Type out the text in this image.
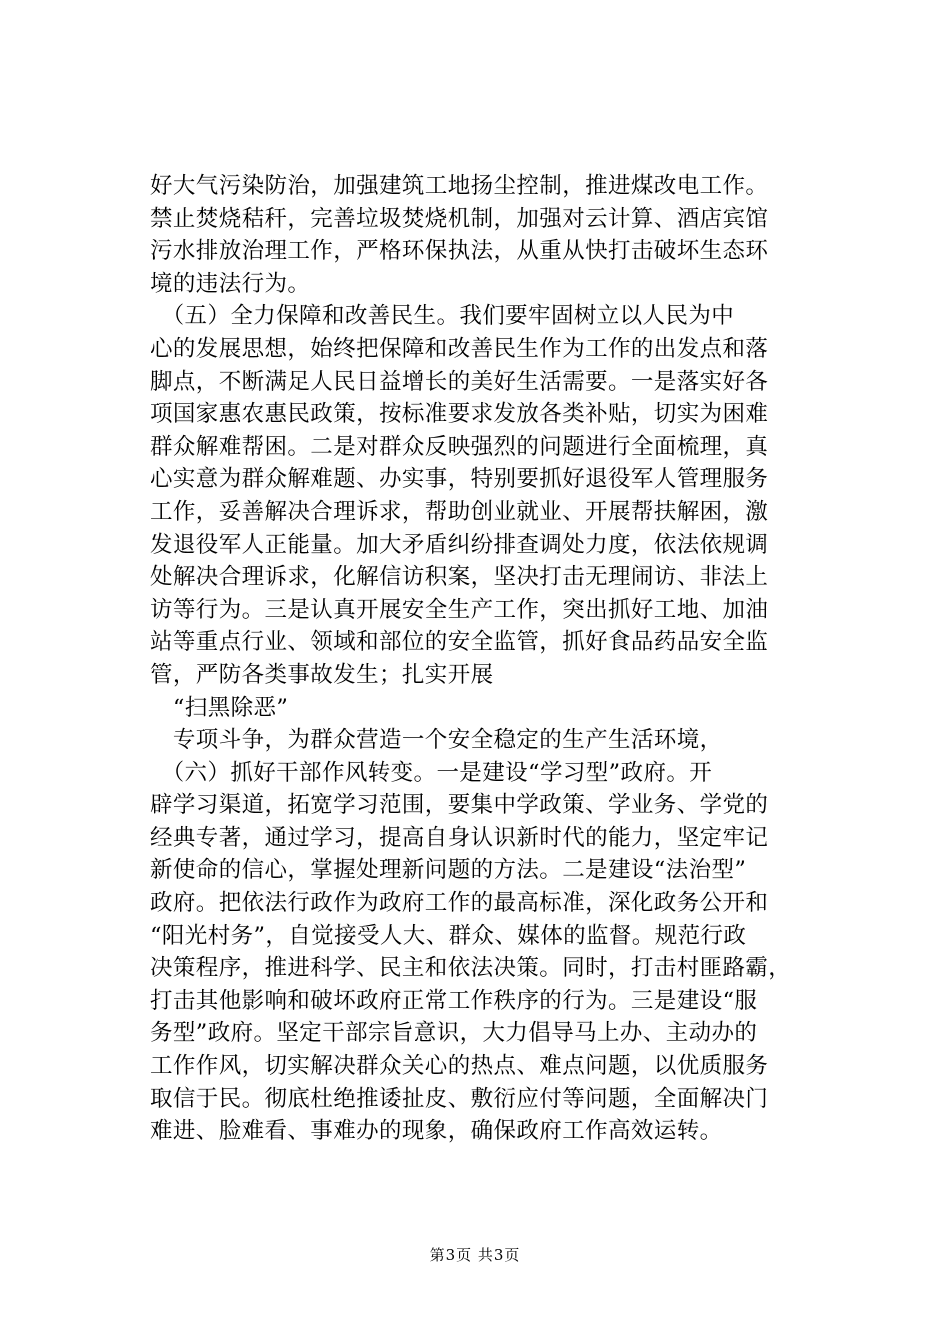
好大气污染防治，加强建筑工地扬尘控制，推进煤改电工作。
禁止焚烧秸秆，完善垃圾焚烧机制，加强对云计算、酒店宾馆
污水排放治理工作，严格环保执法，从重从快打击破坏生态环
境的违法行为。
　（五）全力保障和改善民生。我们要牢固树立以人民为中
心的发展思想，始终把保障和改善民生作为工作的出发点和落
脚点，不断满足人民日益增长的美好生活需要。一是落实好各
项国家惠农惠民政策，按标准要求发放各类补贴，切实为困难
群众解难帮困。二是对群众反映强烈的问题进行全面梳理，真
心实意为群众解难题、办实事，特别要抓好退役军人管理服务
工作，妥善解决合理诉求，帮助创业就业、开展帮扶解困，激
发退役军人正能量。加大矛盾纠纷排查调处力度，依法依规调
处解决合理诉求，化解信访积案，坚决打击无理闹访、非法上
访等行为。三是认真开展安全生产工作，突出抓好工地、加油
站等重点行业、领域和部位的安全监管，抓好食品药品安全监
管，严防各类事故发生；扎实开展
　“扫黑除恶”
　专项斗争，为群众营造一个安全稳定的生产生活环境，
　（六）抓好干部作风转变。一是建设“学习型”政府。开
辟学习渠道，拓宽学习范围，要集中学政策、学业务、学党的
经典专著，通过学习，提高自身认识新时代的能力，坚定牢记
新使命的信心，掌握处理新问题的方法。二是建设“法治型”
政府。把依法行政作为政府工作的最高标准，深化政务公开和
“阳光村务”，自觉接受人大、群众、媒体的监督。规范行政
决策程序，推进科学、民主和依法决策。同时，打击村匪路霸，
打击其他影响和破坏政府正常工作秩序的行为。三是建设“服
务型”政府。坚定干部宗旨意识，大力倡导马上办、主动办的
工作作风，切实解决群众关心的热点、难点问题，以优质服务
取信于民。彻底杜绝推诿扯皮、敷衍应付等问题，全面解决门
难进、脸难看、事难办的现象，确保政府工作高效运转。
第3页 共3页
